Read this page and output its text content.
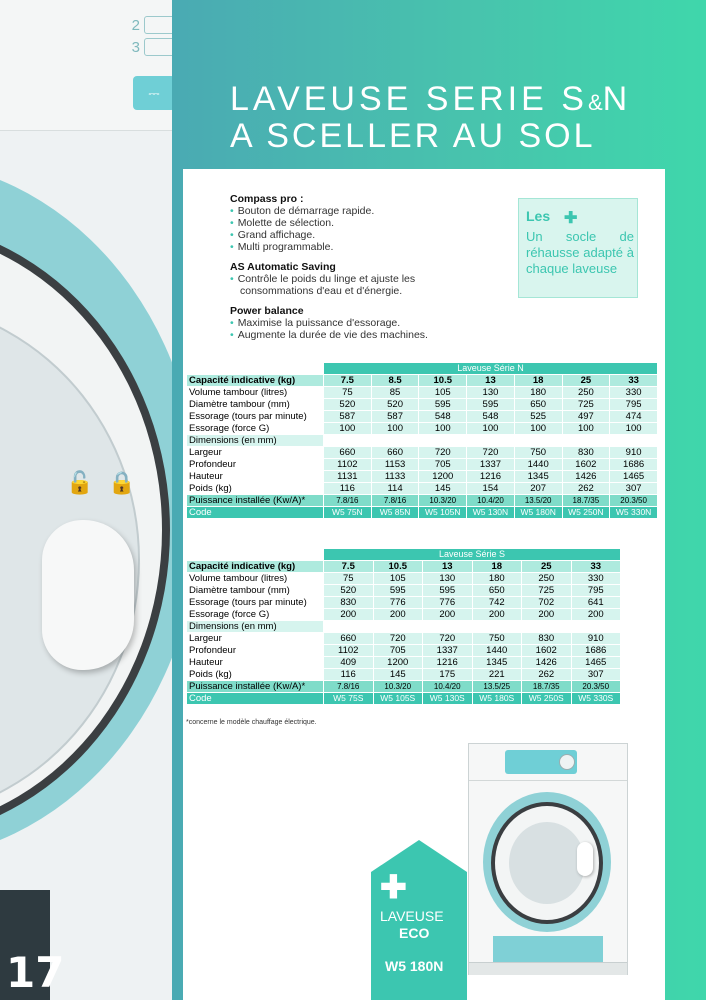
2
3
⎓
🔓 🔒
17
LAVEUSE SERIE S&N
A SCELLER AU SOL
Compass pro :
• Bouton de démarrage rapide.
• Molette de sélection.
• Grand affichage.
• Multi programmable.
AS Automatic Saving
• Contrôle le poids du linge et ajuste les consommations d'eau et d'énergie.
Power balance
• Maximise la puissance d'essorage.
• Augmente la durée de vie des machines.
Les ✚
Un socle de réhausse adapté à chaque laveuse
	Laveuse Série N						
Capacité indicative (kg)	7.5	8.5	10.5	13	18	25	33
Volume tambour (litres)	75	85	105	130	180	250	330
Diamètre tambour (mm)	520	520	595	595	650	725	795
Essorage (tours par minute)	587	587	548	548	525	497	474
Essorage (force G)	100	100	100	100	100	100	100
Dimensions (en mm)							
Largeur	660	660	720	720	750	830	910
Profondeur	1102	1153	705	1337	1440	1602	1686
Hauteur	1131	1133	1200	1216	1345	1426	1465
Poids (kg)	116	114	145	154	207	262	307
Puissance installée (Kw/A)*	7.8/16	7.8/16	10.3/20	10.4/20	13.5/20	18.7/35	20.3/50
Code	W5 75N	W5 85N	W5 105N	W5 130N	W5 180N	W5 250N	W5 330N
	Laveuse Série S					
Capacité indicative (kg)	7.5	10.5	13	18	25	33
Volume tambour (litres)	75	105	130	180	250	330
Diamètre tambour (mm)	520	595	595	650	725	795
Essorage (tours par minute)	830	776	776	742	702	641
Essorage (force G)	200	200	200	200	200	200
Dimensions (en mm)						
Largeur	660	720	720	750	830	910
Profondeur	1102	705	1337	1440	1602	1686
Hauteur	409	1200	1216	1345	1426	1465
Poids (kg)	116	145	175	221	262	307
Puissance installée (Kw/A)*	7.8/16	10.3/20	10.4/20	13.5/25	18.7/35	20.3/50
Code	W5 75S	W5 105S	W5 130S	W5 180S	W5 250S	W5 330S
*concerne le modèle chauffage électrique.
✚
LAVEUSE
ECO
W5 180N
